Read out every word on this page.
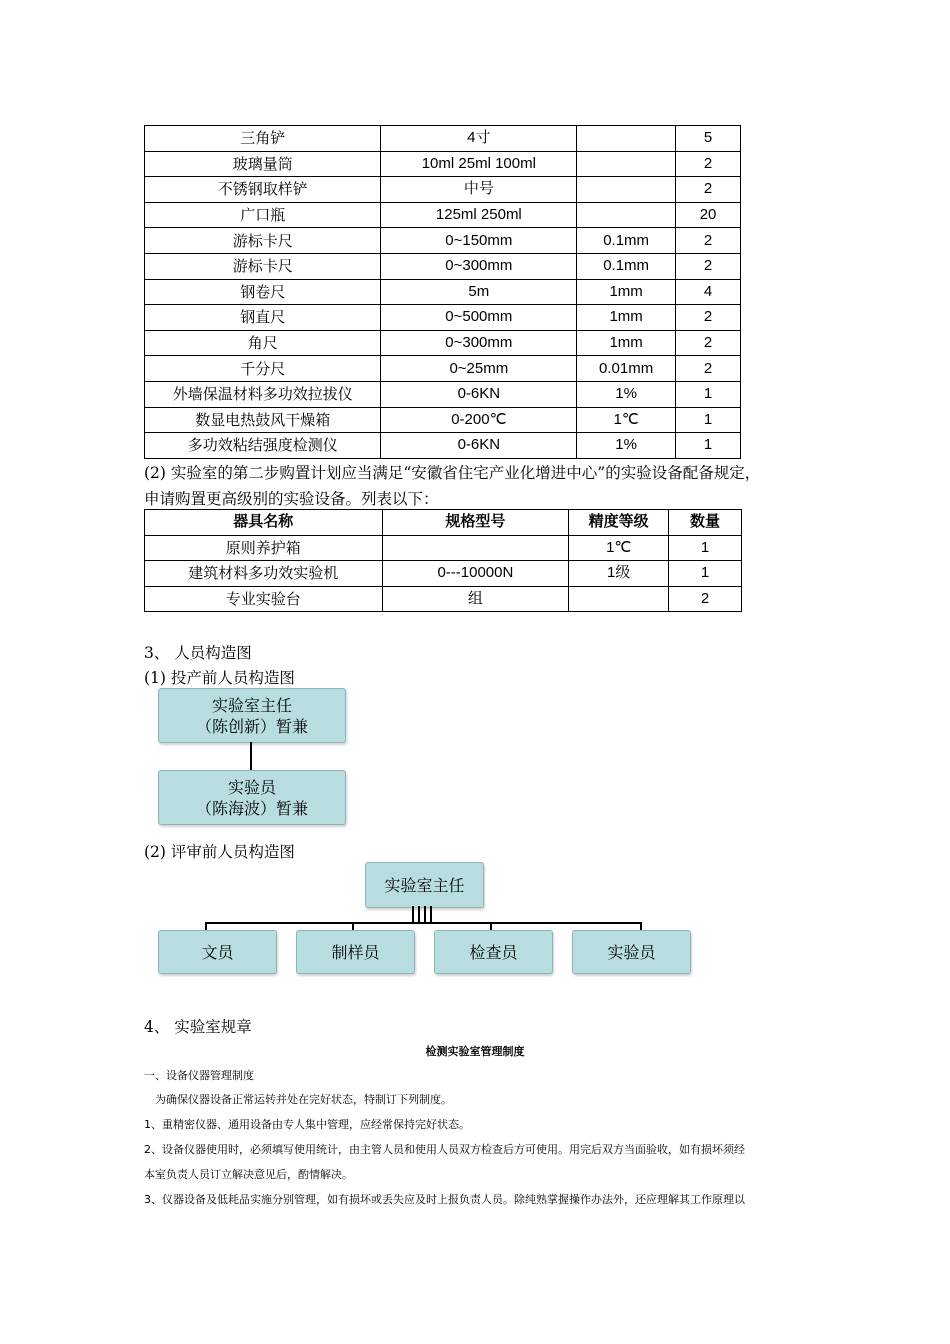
三角铲	4寸		5
玻璃量筒	10ml 25ml 100ml		2
不锈钢取样铲	中号		2
广口瓶	125ml 250ml		20
游标卡尺	0~150mm	0.1mm	2
游标卡尺	0~300mm	0.1mm	2
钢卷尺	5m	1mm	4
钢直尺	0~500mm	1mm	2
角尺	0~300mm	1mm	2
千分尺	0~25mm	0.01mm	2
外墙保温材料多功效拉拔仪	0-6KN	1%	1
数显电热鼓风干燥箱	0-200℃	1℃	1
多功效粘结强度检测仪	0-6KN	1%	1
(2) 实验室的第二步购置计划应当满足“安徽省住宅产业化增进中心”的实验设备配备规定，
申请购置更高级别的实验设备。列表以下：
器具名称	规格型号	精度等级	数量
原则养护箱		1℃	1
建筑材料多功效实验机	0---10000N	1级	1
专业实验台	组		2
3、 人员构造图
(1) 投产前人员构造图
实验室主任
（陈创新）暂兼
实验员
（陈海波）暂兼
(2) 评审前人员构造图
实验室主任
文员	制样员	检查员	实验员
4、 实验室规章
检测实验室管理制度
一、设备仪器管理制度
为确保仪器设备正常运转并处在完好状态，特制订下列制度。
1、重精密仪器、通用设备由专人集中管理，应经常保持完好状态。
2、设备仪器使用时，必须填写使用统计，由主管人员和使用人员双方检查后方可使用。用完后双方当面验收，如有损坏须经
本室负责人员订立解决意见后，酌情解决。
3、仪器设备及低耗品实施分别管理，如有损坏或丢失应及时上报负责人员。除纯熟掌握操作办法外，还应理解其工作原理以
